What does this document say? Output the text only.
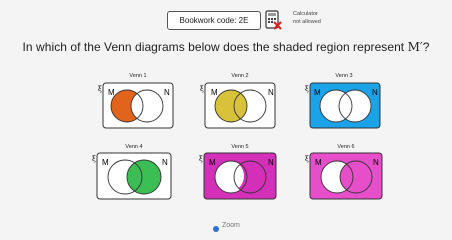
Bookwork code: 2E
Calculator
not allowed
In which of the Venn diagrams below does the shaded region represent M′?
Venn 1
ξ M	N
Venn 2
ξ M	N
Venn 3
ξ M	N
Venn 4
ξ M	N
Venn 5
ξ M	N
Venn 6
ξ M	N
Zoom
